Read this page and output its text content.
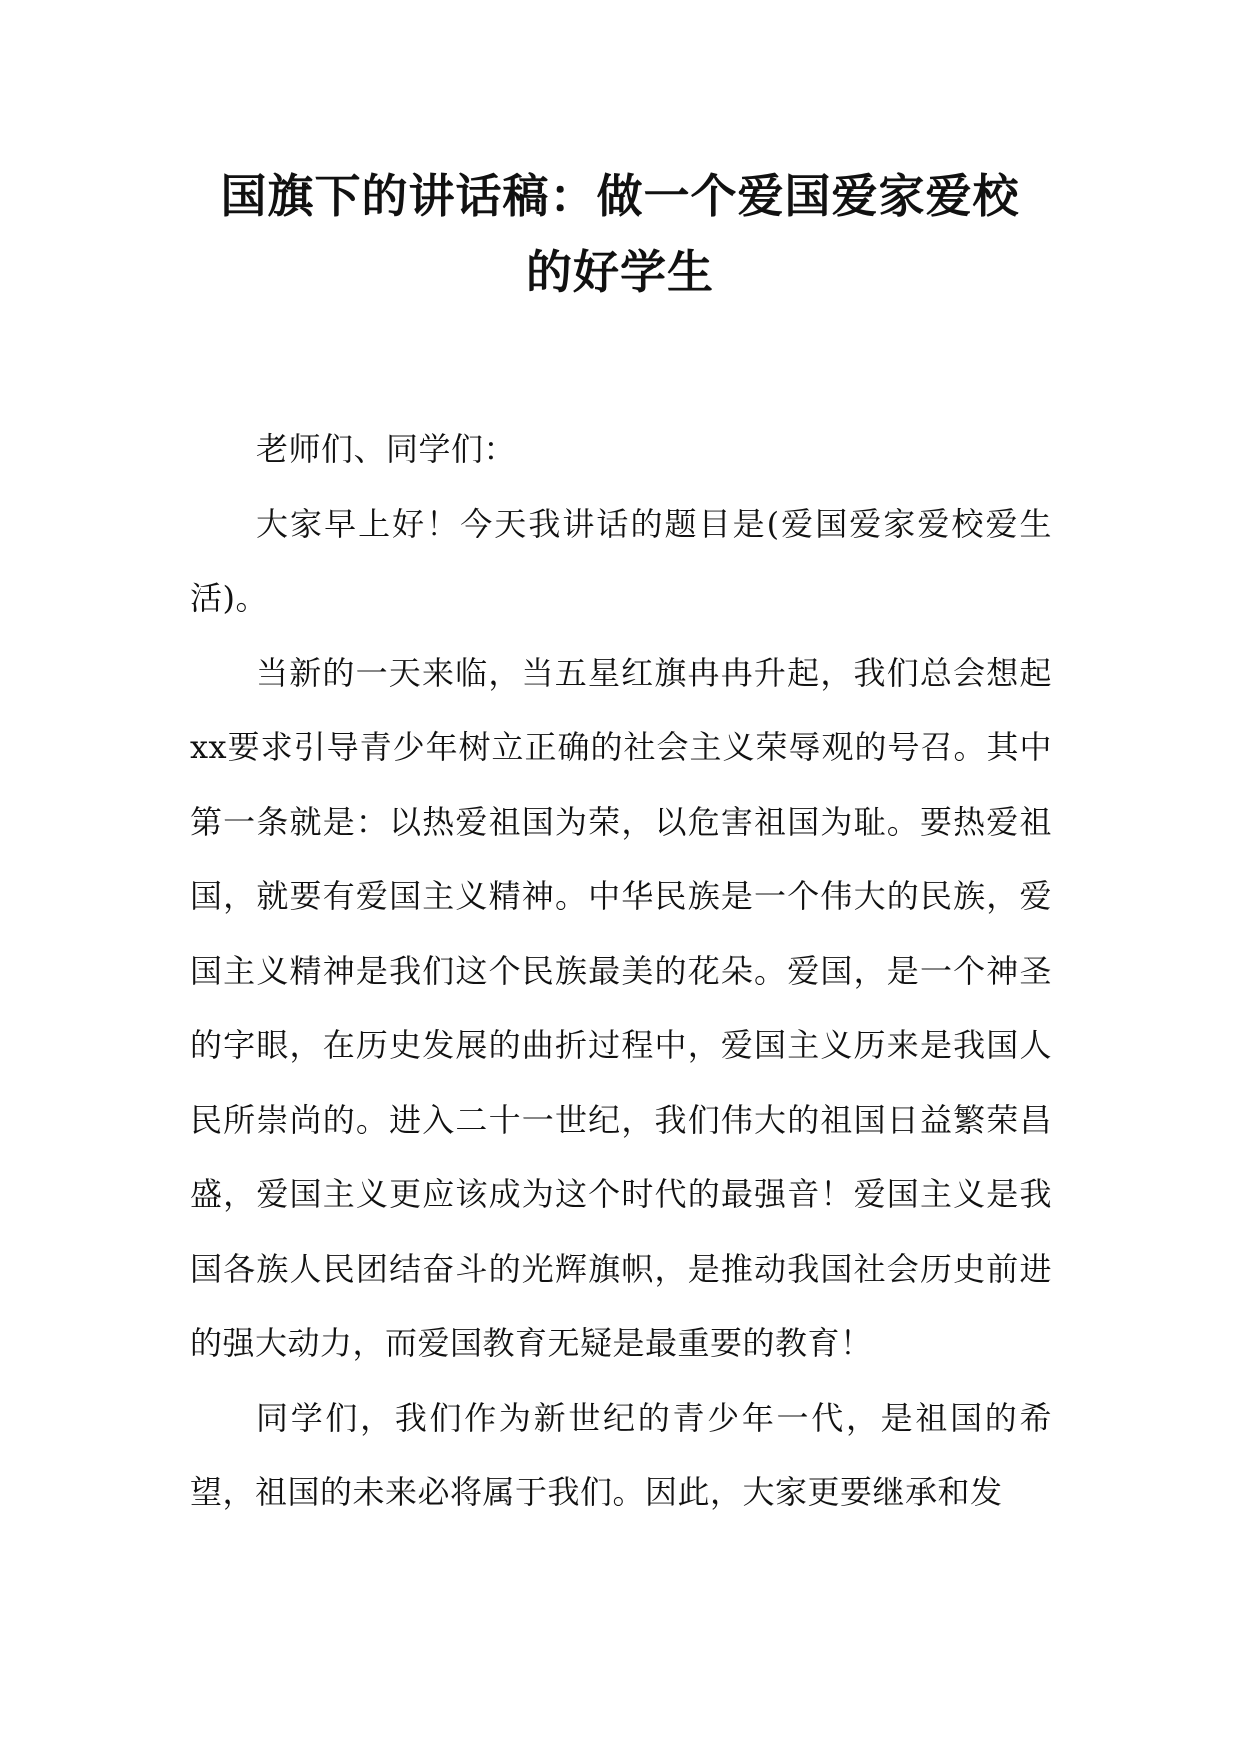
国旗下的讲话稿：做一个爱国爱家爱校
的好学生

老师们、同学们：

大家早上好！今天我讲话的题目是(爱国爱家爱校爱生活)。

当新的一天来临，当五星红旗冉冉升起，我们总会想起xx要求引导青少年树立正确的社会主义荣辱观的号召。其中第一条就是：以热爱祖国为荣，以危害祖国为耻。要热爱祖国，就要有爱国主义精神。中华民族是一个伟大的民族，爱国主义精神是我们这个民族最美的花朵。爱国，是一个神圣的字眼，在历史发展的曲折过程中，爱国主义历来是我国人民所崇尚的。进入二十一世纪，我们伟大的祖国日益繁荣昌盛，爱国主义更应该成为这个时代的最强音！爱国主义是我国各族人民团结奋斗的光辉旗帜，是推动我国社会历史前进的强大动力，而爱国教育无疑是最重要的教育！

同学们，我们作为新世纪的青少年一代，是祖国的希望，祖国的未来必将属于我们。因此，大家更要继承和发
